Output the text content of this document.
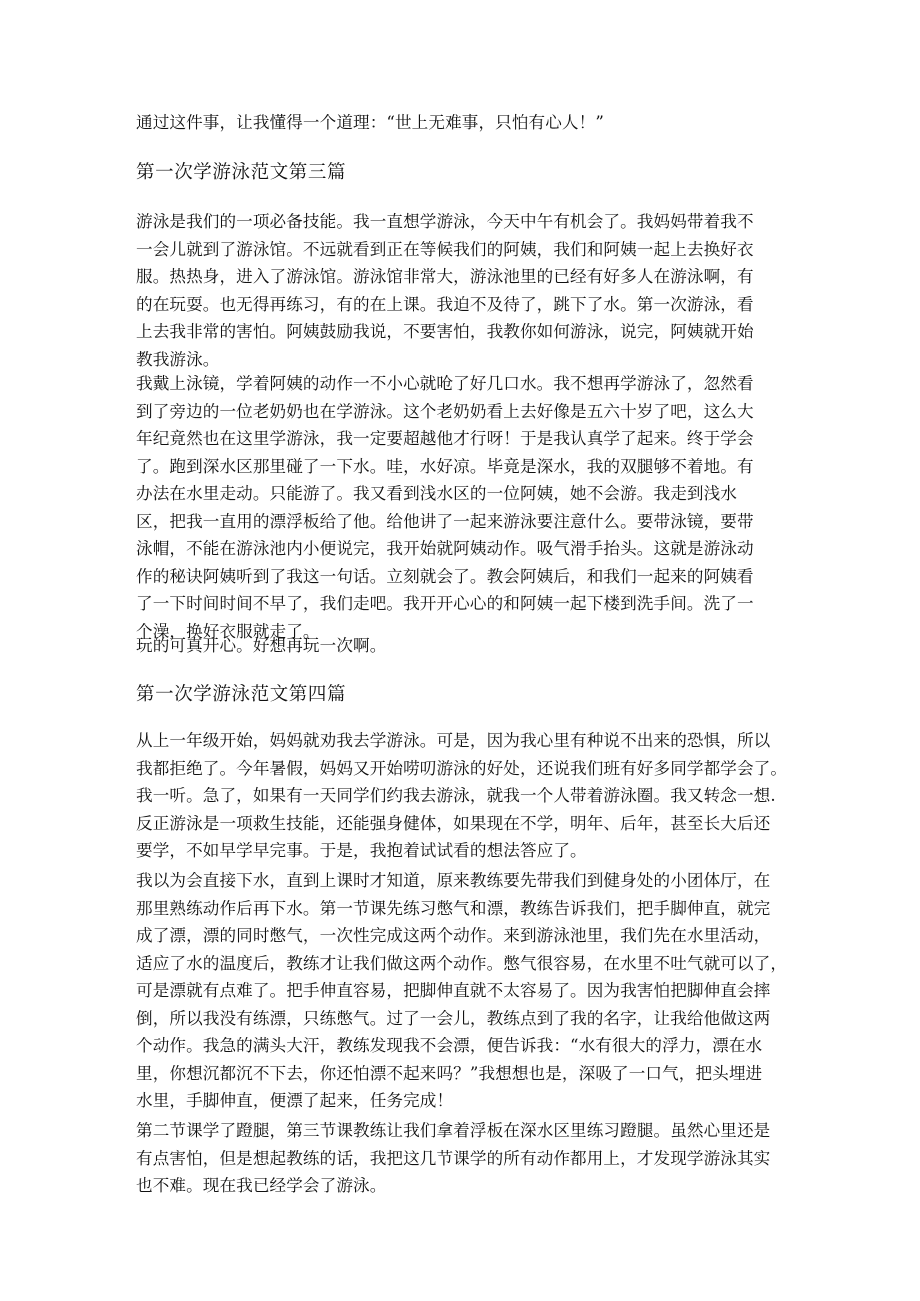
通过这件事，让我懂得一个道理：“世上无难事，只怕有心人！”

第一次学游泳范文第三篇

游泳是我们的一项必备技能。我一直想学游泳，今天中午有机会了。我妈妈带着我不
一会儿就到了游泳馆。不远就看到正在等候我们的阿姨，我们和阿姨一起上去换好衣
服。热热身，进入了游泳馆。游泳馆非常大，游泳池里的已经有好多人在游泳啊，有
的在玩耍。也无得再练习，有的在上课。我迫不及待了，跳下了水。第一次游泳，看
上去我非常的害怕。阿姨鼓励我说，不要害怕，我教你如何游泳，说完，阿姨就开始
教我游泳。

我戴上泳镜，学着阿姨的动作一不小心就呛了好几口水。我不想再学游泳了，忽然看
到了旁边的一位老奶奶也在学游泳。这个老奶奶看上去好像是五六十岁了吧，这么大
年纪竟然也在这里学游泳，我一定要超越他才行呀！于是我认真学了起来。终于学会
了。跑到深水区那里碰了一下水。哇，水好凉。毕竟是深水，我的双腿够不着地。有
办法在水里走动。只能游了。我又看到浅水区的一位阿姨，她不会游。我走到浅水
区，把我一直用的漂浮板给了他。给他讲了一起来游泳要注意什么。要带泳镜，要带
泳帽，不能在游泳池内小便说完，我开始就阿姨动作。吸气滑手抬头。这就是游泳动
作的秘诀阿姨听到了我这一句话。立刻就会了。教会阿姨后，和我们一起来的阿姨看
了一下时间时间不早了，我们走吧。我开开心心的和阿姨一起下楼到洗手间。洗了一
个澡，换好衣服就走了。

玩的可真开心。好想再玩一次啊。

第一次学游泳范文第四篇

从上一年级开始，妈妈就劝我去学游泳。可是，因为我心里有种说不出来的恐惧，所以
我都拒绝了。今年暑假，妈妈又开始唠叨游泳的好处，还说我们班有好多同学都学会了。
我一听。急了，如果有一天同学们约我去游泳，就我一个人带着游泳圈。我又转念一想.
反正游泳是一项救生技能，还能强身健体，如果现在不学，明年、后年，甚至长大后还
要学，不如早学早完事。于是，我抱着试试看的想法答应了。

我以为会直接下水，直到上课时才知道，原来教练要先带我们到健身处的小团体厅，在
那里熟练动作后再下水。第一节课先练习憋气和漂，教练告诉我们，把手脚伸直，就完
成了漂，漂的同时憋气，一次性完成这两个动作。来到游泳池里，我们先在水里活动，
适应了水的温度后，教练才让我们做这两个动作。憋气很容易，在水里不吐气就可以了，
可是漂就有点难了。把手伸直容易，把脚伸直就不太容易了。因为我害怕把脚伸直会摔
倒，所以我没有练漂，只练憋气。过了一会儿，教练点到了我的名字，让我给他做这两
个动作。我急的满头大汗，教练发现我不会漂，便告诉我：“水有很大的浮力，漂在水
里，你想沉都沉不下去，你还怕漂不起来吗？”我想想也是，深吸了一口气，把头埋进
水里，手脚伸直，便漂了起来，任务完成！

第二节课学了蹬腿，第三节课教练让我们拿着浮板在深水区里练习蹬腿。虽然心里还是
有点害怕，但是想起教练的话，我把这几节课学的所有动作都用上，才发现学游泳其实
也不难。现在我已经学会了游泳。
